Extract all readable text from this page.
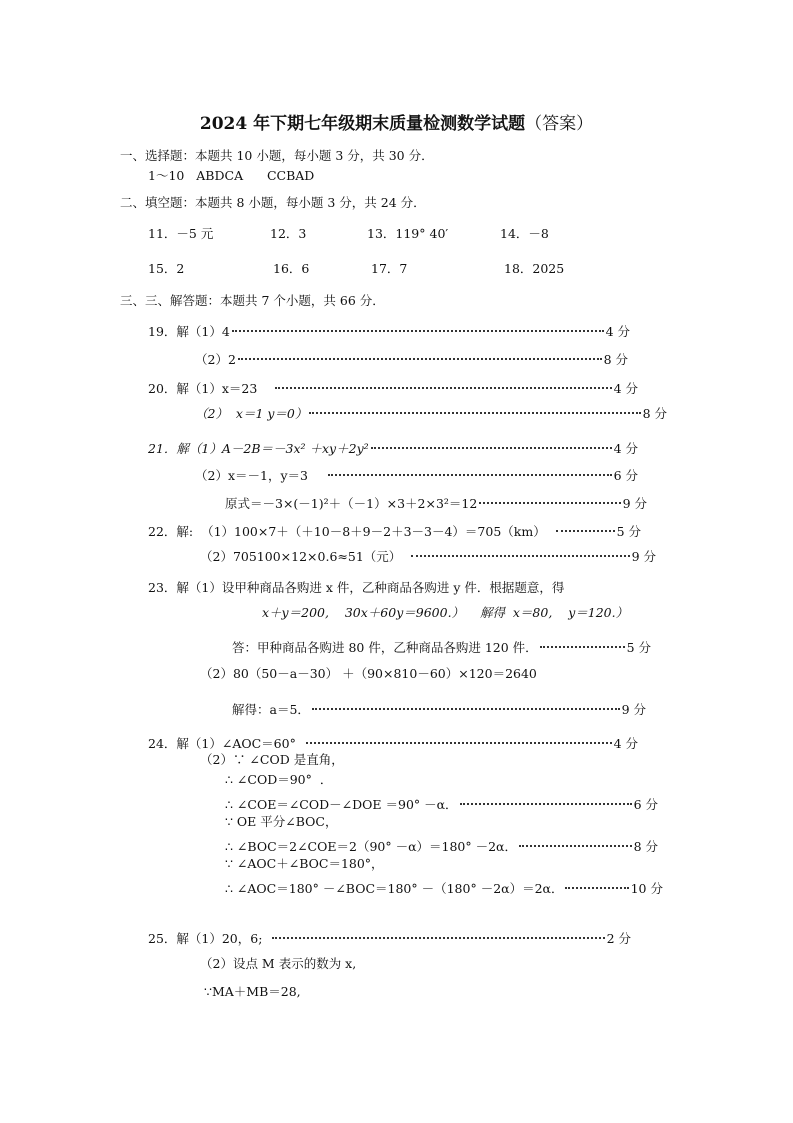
2024 年下期七年级期末质量检测数学试题（答案）
一、选择题：本题共 10 小题，每小题 3 分，共 30 分．
1～10   ABDCA      CCBAD
二、填空题：本题共 8 小题，每小题 3 分，共 24 分．
11．－5 元	12．3	13．119° 40′	14．－8
15．2	16．6	17．7	18．2025
三、三、解答题：本题共 7 个小题，共 66 分．
19．解（1）4	4 分
（2）2	8 分
20．解（1）x＝23	4 分
（2）  x＝1 y＝0）	8 分
21．解（1）A－2B＝－3x² ＋xy＋2y²	4 分
（2）x＝－1，y＝3	6 分
原式＝－3×(－1)²＋（－1）×3＋2×3²＝12	9 分
22．解:  （1）100×7＋（＋10－8＋9－2＋3－3－4）＝705（km）	5 分
（2）705100×12×0.6≈51（元）	9 分
23．解（1）设甲种商品各购进 x 件，乙种商品各购进 y 件．根据题意，得
x＋y＝200,    30x＋60y＝9600.）    解得  x＝80,    y＝120.）
答：甲种商品各购进 80 件，乙种商品各购进 120 件．	5 分
（2）80（50－a－30） ＋（90×810－60）×120＝2640
解得：a＝5．	9 分
24．解（1）∠AOC＝60°	4 分
（2）∵ ∠COD 是直角，
∴ ∠COD＝90°  ．
∴ ∠COE＝∠COD－∠DOE ＝90° －α．	6 分
∵ OE 平分∠BOC，
∴ ∠BOC＝2∠COE＝2（90° －α）＝180° －2α．	8 分
∵ ∠AOC＋∠BOC＝180°，
∴ ∠AOC＝180° －∠BOC＝180° －（180° －2α）＝2α．	10 分
25．解（1）20，6;	2 分
（2）设点 M 表示的数为 x,
∵MA＋MB＝28,
